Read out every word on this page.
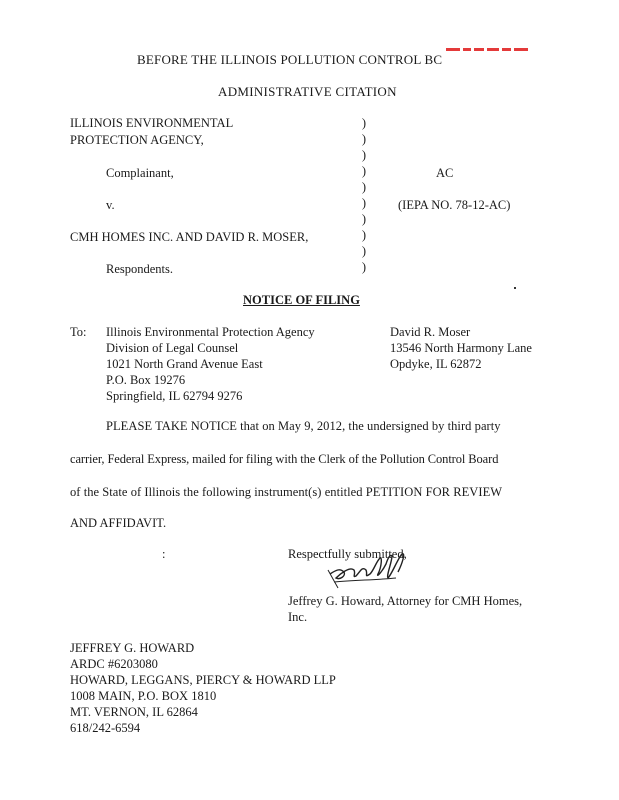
BEFORE THE ILLINOIS POLLUTION CONTROL BC
ADMINISTRATIVE CITATION
ILLINOIS ENVIRONMENTAL
PROTECTION AGENCY,
Complainant,
v.
CMH HOMES INC. AND DAVID R. MOSER,
Respondents.
)
)
)
)
)
)
)
)
)
)
AC
(IEPA NO. 78-12-AC)
NOTICE OF FILING
To: Illinois Environmental Protection Agency
Division of Legal Counsel
1021 North Grand Avenue East
P.O. Box 19276
Springfield, IL 62794 9276
David R. Moser
13546 North Harmony Lane
Opdyke, IL 62872
PLEASE TAKE NOTICE that on May 9, 2012, the undersigned by third party
carrier, Federal Express, mailed for filing with the Clerk of the Pollution Control Board
of the State of Illinois the following instrument(s) entitled PETITION FOR REVIEW
AND AFFIDAVIT.
:	Respectfully submitted,
Jeffrey G. Howard, Attorney for CMH Homes,
Inc.
JEFFREY G. HOWARD
ARDC #6203080
HOWARD, LEGGANS, PIERCY & HOWARD LLP
1008 MAIN, P.O. BOX 1810
MT. VERNON, IL 62864
618/242-6594
